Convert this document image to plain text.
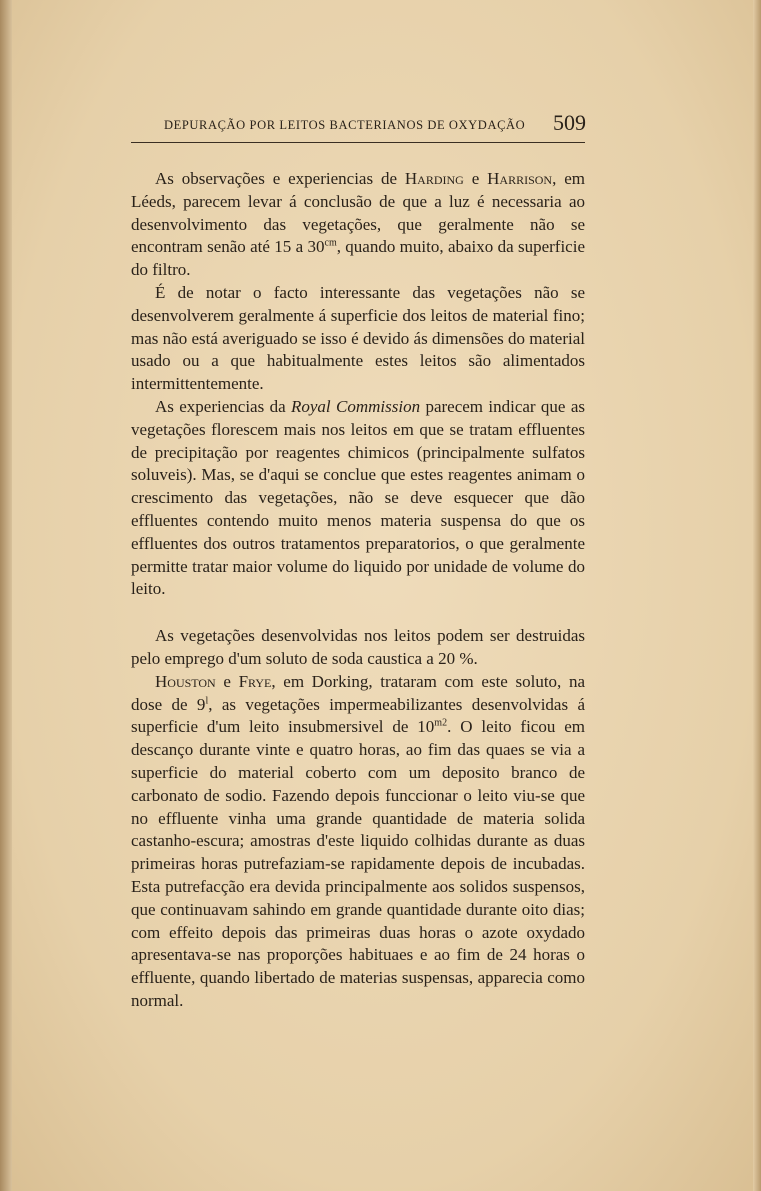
DEPURAÇÃO POR LEITOS BACTERIANOS DE OXYDAÇÃO 509

As observações e experiencias de Harding e Harrison, em Léeds, parecem levar á conclusão de que a luz é necessaria ao desenvolvimento das vegetações, que geralmente não se encontram senão até 15 a $30^{cm}$, quando muito, abaixo da superficie do filtro.

É de notar o facto interessante das vegetações não se desenvolverem geralmente á superficie dos leitos de material fino; mas não está averiguado se isso é devido ás dimensões do material usado ou a que habitualmente estes leitos são alimentados intermittentemente.

As experiencias da Royal Commission parecem indicar que as vegetações florescem mais nos leitos em que se tratam effluentes de precipitação por reagentes chimicos (principalmente sulfatos soluveis). Mas, se d'aqui se conclue que estes reagentes animam o crescimento das vegetações, não se deve esquecer que dão effluentes contendo muito menos materia suspensa do que os effluentes dos outros tratamentos preparatorios, o que geralmente permitte tratar maior volume do liquido por unidade de volume do leito.

As vegetações desenvolvidas nos leitos podem ser destruidas pelo emprego d'um soluto de soda caustica a 20 %.

Houston e Frye, em Dorking, trataram com este soluto, na dose de 9$^l$, as vegetações impermeabilizantes desenvolvidas á superficie d'um leito insubmersivel de $10^{m2}$. O leito ficou em descanço durante vinte e quatro horas, ao fim das quaes se via a superficie do material coberto com um deposito branco de carbonato de sodio. Fazendo depois funccionar o leito viu-se que no effluente vinha uma grande quantidade de materia solida castanho-escura; amostras d'este liquido colhidas durante as duas primeiras horas putrefaziam-se rapidamente depois de incubadas. Esta putrefacção era devida principalmente aos solidos suspensos, que continuavam sahindo em grande quantidade durante oito dias; com effeito depois das primeiras duas horas o azote oxydado apresentava-se nas proporções habituaes e ao fim de 24 horas o effluente, quando libertado de materias suspensas, apparecia como normal.
